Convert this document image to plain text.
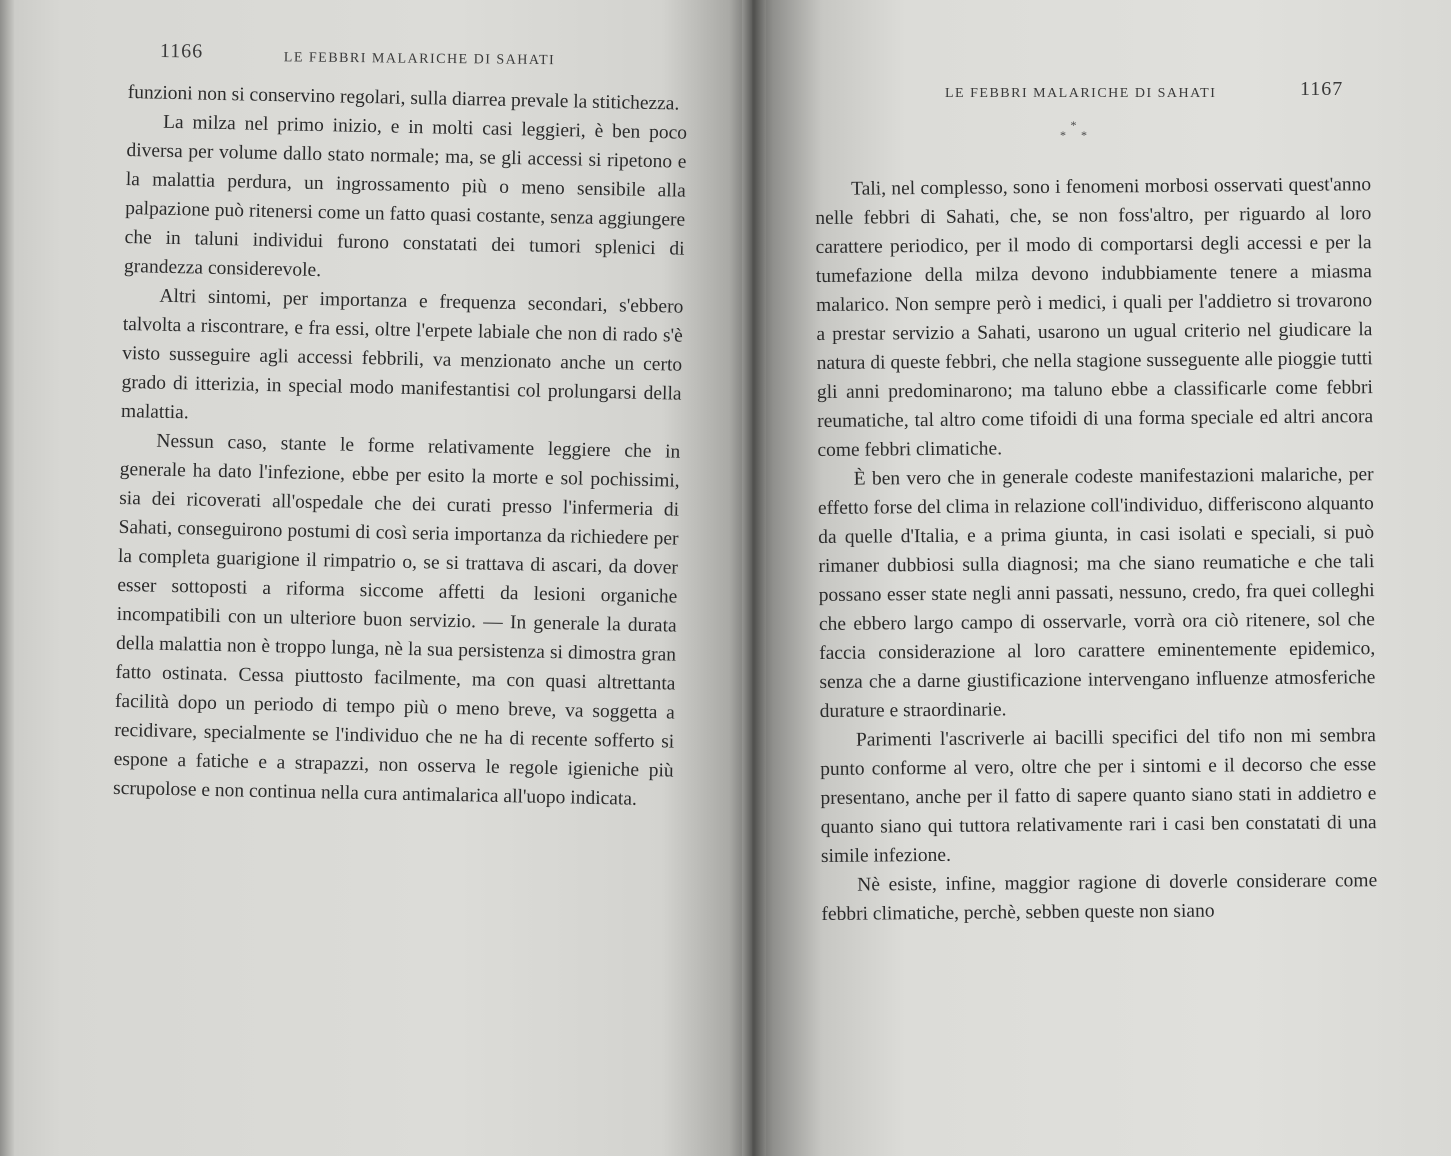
1166	LE FEBBRI MALARICHE DI SAHATI

funzioni non si conservino regolari, sulla diarrea prevale la stitichezza.

La milza nel primo inizio, e in molti casi leggieri, è ben poco diversa per volume dallo stato normale; ma, se gli accessi si ripetono e la malattia perdura, un ingrossamento più o meno sensibile alla palpazione può ritenersi come un fatto quasi costante, senza aggiungere che in taluni individui furono constatati dei tumori splenici di grandezza considerevole.

Altri sintomi, per importanza e frequenza secondari, s'ebbero talvolta a riscontrare, e fra essi, oltre l'erpete labiale che non di rado s'è visto susseguire agli accessi febbrili, va menzionato anche un certo grado di itterizia, in special modo manifestantisi col prolungarsi della malattia.

Nessun caso, stante le forme relativamente leggiere che in generale ha dato l'infezione, ebbe per esito la morte e sol pochissimi, sia dei ricoverati all'ospedale che dei curati presso l'infermeria di Sahati, conseguirono postumi di così seria importanza da richiedere per la completa guarigione il rimpatrio o, se si trattava di ascari, da dover esser sottoposti a riforma siccome affetti da lesioni organiche incompatibili con un ulteriore buon servizio. — In generale la durata della malattia non è troppo lunga, nè la sua persistenza si dimostra gran fatto ostinata. Cessa piuttosto facilmente, ma con quasi altrettanta facilità dopo un periodo di tempo più o meno breve, va soggetta a recidivare, specialmente se l'individuo che ne ha di recente sofferto si espone a fatiche e a strapazzi, non osserva le regole igieniche più scrupolose e non continua nella cura antimalarica all'uopo indicata.

LE FEBBRI MALARICHE DI SAHATI	1167
*
* *

Tali, nel complesso, sono i fenomeni morbosi osservati quest'anno nelle febbri di Sahati, che, se non foss'altro, per riguardo al loro carattere periodico, per il modo di comportarsi degli accessi e per la tumefazione della milza devono indubbiamente tenere a miasma malarico. Non sempre però i medici, i quali per l'addietro si trovarono a prestar servizio a Sahati, usarono un ugual criterio nel giudicare la natura di queste febbri, che nella stagione susseguente alle pioggie tutti gli anni predominarono; ma taluno ebbe a classificarle come febbri reumatiche, tal altro come tifoidi di una forma speciale ed altri ancora come febbri climatiche.

È ben vero che in generale codeste manifestazioni malariche, per effetto forse del clima in relazione coll'individuo, differiscono alquanto da quelle d'Italia, e a prima giunta, in casi isolati e speciali, si può rimaner dubbiosi sulla diagnosi; ma che siano reumatiche e che tali possano esser state negli anni passati, nessuno, credo, fra quei colleghi che ebbero largo campo di osservarle, vorrà ora ciò ritenere, sol che faccia considerazione al loro carattere eminentemente epidemico, senza che a darne giustificazione intervengano influenze atmosferiche durature e straordinarie.

Parimenti l'ascriverle ai bacilli specifici del tifo non mi sembra punto conforme al vero, oltre che per i sintomi e il decorso che esse presentano, anche per il fatto di sapere quanto siano stati in addietro e quanto siano qui tuttora relativamente rari i casi ben constatati di una simile infezione.

Nè esiste, infine, maggior ragione di doverle considerare come febbri climatiche, perchè, sebben queste non siano
